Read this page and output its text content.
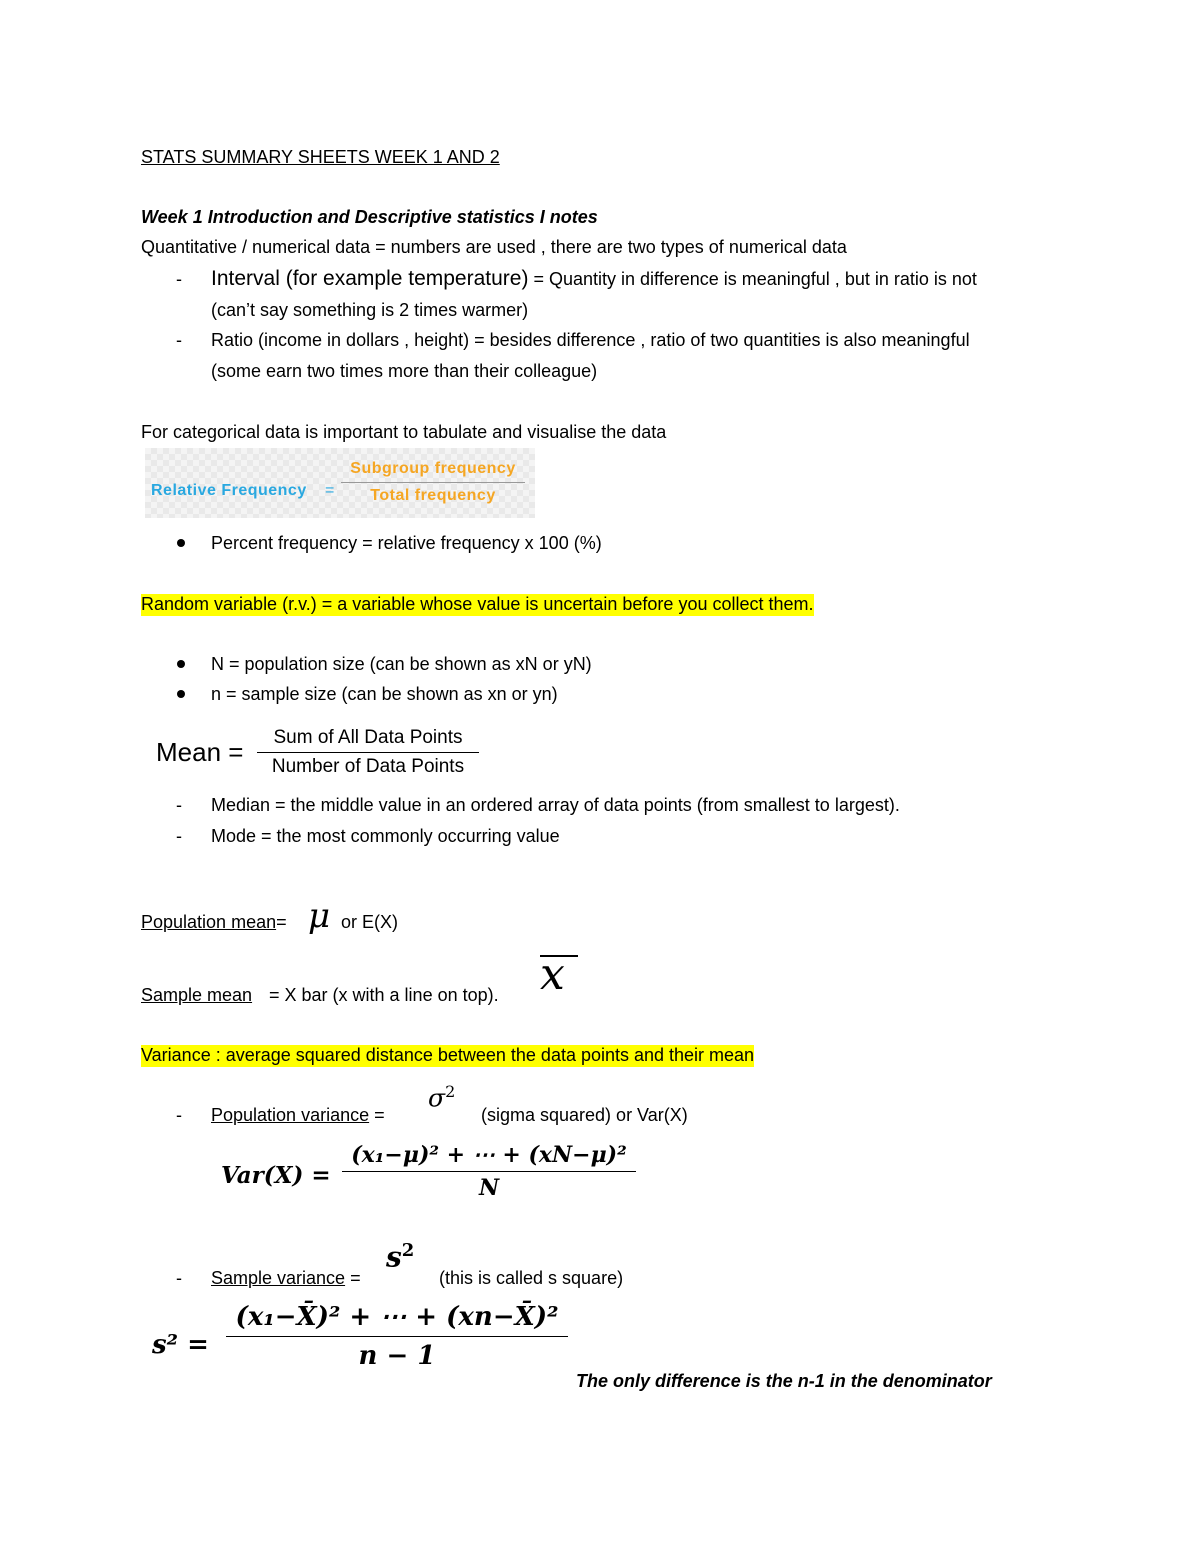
STATS SUMMARY SHEETS WEEK 1 AND 2
Week 1 Introduction and Descriptive statistics I notes
Quantitative / numerical data = numbers are used , there are two types of numerical data
- Interval (for example temperature) = Quantity in difference is meaningful , but in ratio is not
(can’t say something is 2 times warmer)
- Ratio (income in dollars , height) = besides difference , ratio of two quantities is also meaningful
(some earn two times more than their colleague)
For categorical data is important to tabulate and visualise the data
Relative Frequency =
Subgroup frequency
Total frequency
Percent frequency = relative frequency x 100 (%)
Random variable (r.v.) = a variable whose value is uncertain before you collect them.
N = population size (can be shown as xN or yN)
n = sample size (can be shown as xn or yn)
Mean = Sum of All Data Points
Number of Data Points
- Median = the middle value in an ordered array of data points (from smallest to largest).
- Mode = the most commonly occurring value
Population mean= μ or E(X)
Sample mean = X bar (x with a line on top). x
Variance : average squared distance between the data points and their mean
- Population variance =
$\sigma^2$
(sigma squared) or Var(X)
Var(X) =
(x₁−μ)² + ⋯ + (xN−μ)²
N
- Sample variance =
$s^2$
(this is called s square)
s² =
(x₁−X̄)² + ⋯ + (xn−X̄)²
n − 1
The only difference is the n-1 in the denominator
